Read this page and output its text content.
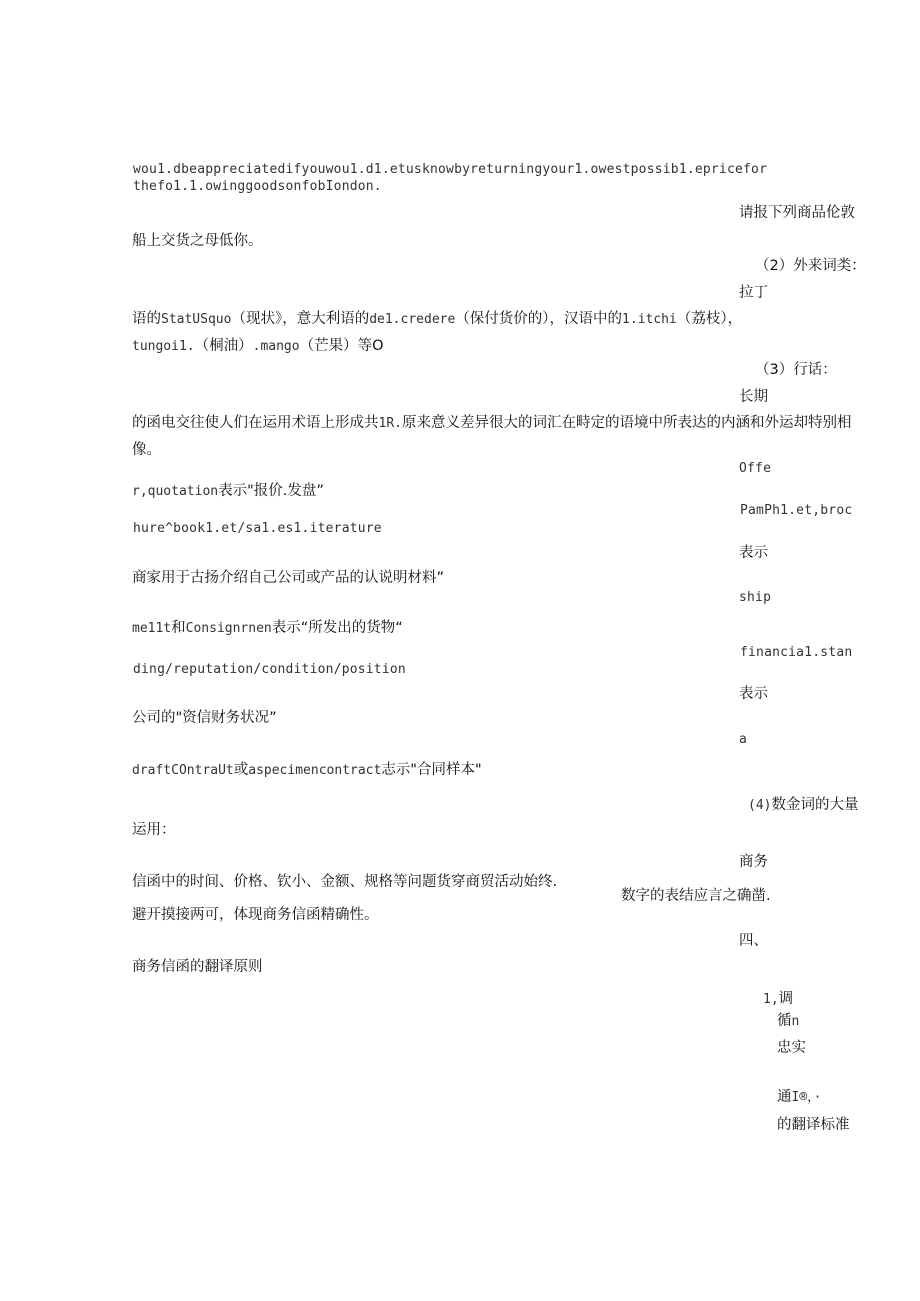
wou1.dbeappreciatedifyouwou1.d1.etusknowbyreturningyour1.owestpossib1.epricefor
thefo1.1.owinggoodsonfobIondon.
请报下列商品伦敦
船上交货之母低你。
（2）外来词类：
拉丁
语的StatUSquo（现状》，意大利语的de1.credere（保付货价的），汉语中的1.itchi（荔枝），
tungoi1.（桐油）.mango（芒果）等O
（3）行话：
长期
的函电交往使人们在运用术语上形成共1R.原来意义差异很大的词汇在畤定的语境中所表达的内涵和外运却特别相
像。
Offe
r,quotation表示"报价.发盘”
PamPh1.et,broc
hure^book1.et/sa1.es1.iterature
表示
商家用于古扬介绍自己公司或产品的认说明材料”
ship
me11t和Consignrnen表示“所发出的货物“
financia1.stan
ding/reputation/condition/position
表示
公司的"资信财务状况”
a
draftCOntraUt或aspecimencontract志示"合同样本"
(4)数金词的大量
运用：
商务
信函中的时间、价格、钦小、金额、规格等问题货穿商贸活动始终.
数字的表结应言之确凿.
避开摸接两可，体现商务信函精确性。
四、
商务信函的翻译原则
1,调
循n
忠实
通I®，·
的翻译标准
